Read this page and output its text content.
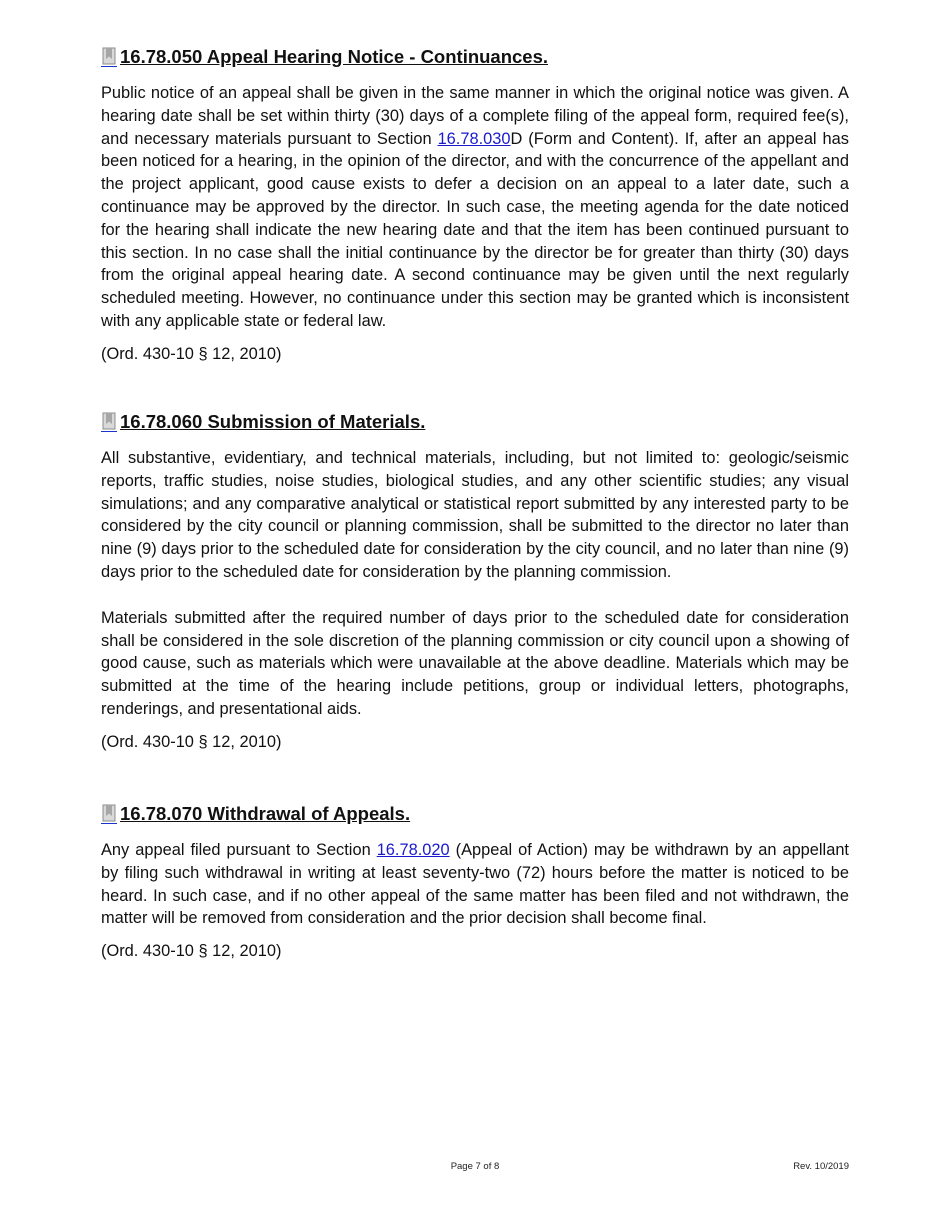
16.78.050 Appeal Hearing Notice - Continuances.

Public notice of an appeal shall be given in the same manner in which the original notice was given. A hearing date shall be set within thirty (30) days of a complete filing of the appeal form, required fee(s), and necessary materials pursuant to Section 16.78.030D (Form and Content). If, after an appeal has been noticed for a hearing, in the opinion of the director, and with the concurrence of the appellant and the project applicant, good cause exists to defer a decision on an appeal to a later date, such a continuance may be approved by the director. In such case, the meeting agenda for the date noticed for the hearing shall indicate the new hearing date and that the item has been continued pursuant to this section. In no case shall the initial continuance by the director be for greater than thirty (30) days from the original appeal hearing date. A second continuance may be given until the next regularly scheduled meeting. However, no continuance under this section may be granted which is inconsistent with any applicable state or federal law.

(Ord. 430-10 § 12, 2010)
16.78.060 Submission of Materials.

All substantive, evidentiary, and technical materials, including, but not limited to: geologic/seismic reports, traffic studies, noise studies, biological studies, and any other scientific studies; any visual simulations; and any comparative analytical or statistical report submitted by any interested party to be considered by the city council or planning commission, shall be submitted to the director no later than nine (9) days prior to the scheduled date for consideration by the city council, and no later than nine (9) days prior to the scheduled date for consideration by the planning commission.

Materials submitted after the required number of days prior to the scheduled date for consideration shall be considered in the sole discretion of the planning commission or city council upon a showing of good cause, such as materials which were unavailable at the above deadline. Materials which may be submitted at the time of the hearing include petitions, group or individual letters, photographs, renderings, and presentational aids.

(Ord. 430-10 § 12, 2010)
16.78.070 Withdrawal of Appeals.

Any appeal filed pursuant to Section 16.78.020 (Appeal of Action) may be withdrawn by an appellant by filing such withdrawal in writing at least seventy-two (72) hours before the matter is noticed to be heard. In such case, and if no other appeal of the same matter has been filed and not withdrawn, the matter will be removed from consideration and the prior decision shall become final.

(Ord. 430-10 § 12, 2010)
Page 7 of 8	Rev. 10/2019
